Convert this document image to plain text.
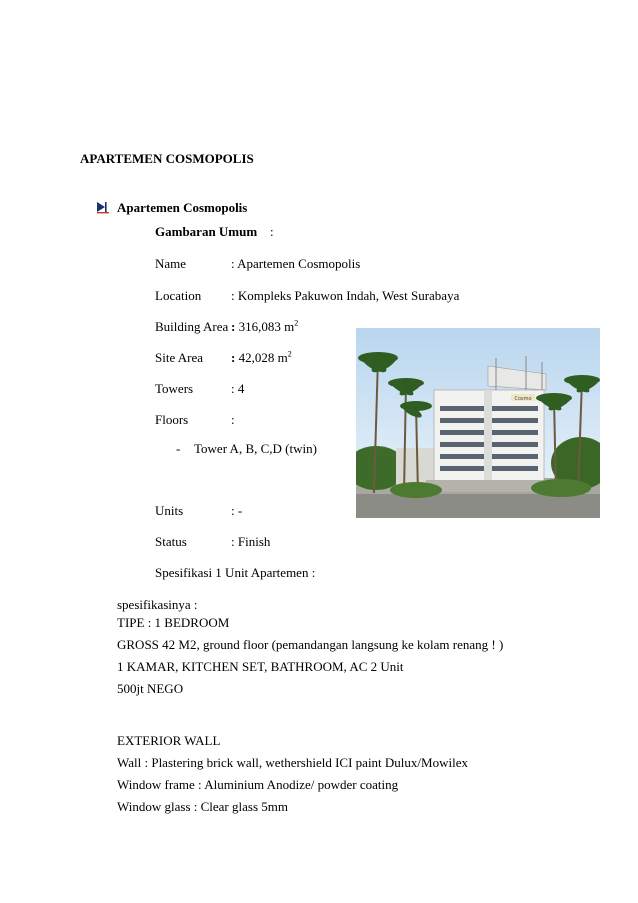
APARTEMEN COSMOPOLIS
Apartemen Cosmopolis
Gambaran Umum :
Name	: Apartemen Cosmopolis
Location : Kompleks Pakuwon Indah, West Surabaya
Building Area : 316,083 $m^2$
Site Area : 42,028 $m^2$
Towers	: 4
Floors	:
- Tower A, B, C,D (twin)
Units	: -
Status	: Finish
Spesifikasi 1 Unit Apartemen :
spesifikasinya :
TIPE : 1 BEDROOM
GROSS 42 M2, ground floor (pemandangan langsung ke kolam renang ! )
1 KAMAR, KITCHEN SET, BATHROOM, AC 2 Unit
500jt NEGO
EXTERIOR WALL
Wall : Plastering brick wall, wethershield ICI paint Dulux/Mowilex
Window frame : Aluminium Anodize/ powder coating
Window glass : Clear glass 5mm
Cosmo
